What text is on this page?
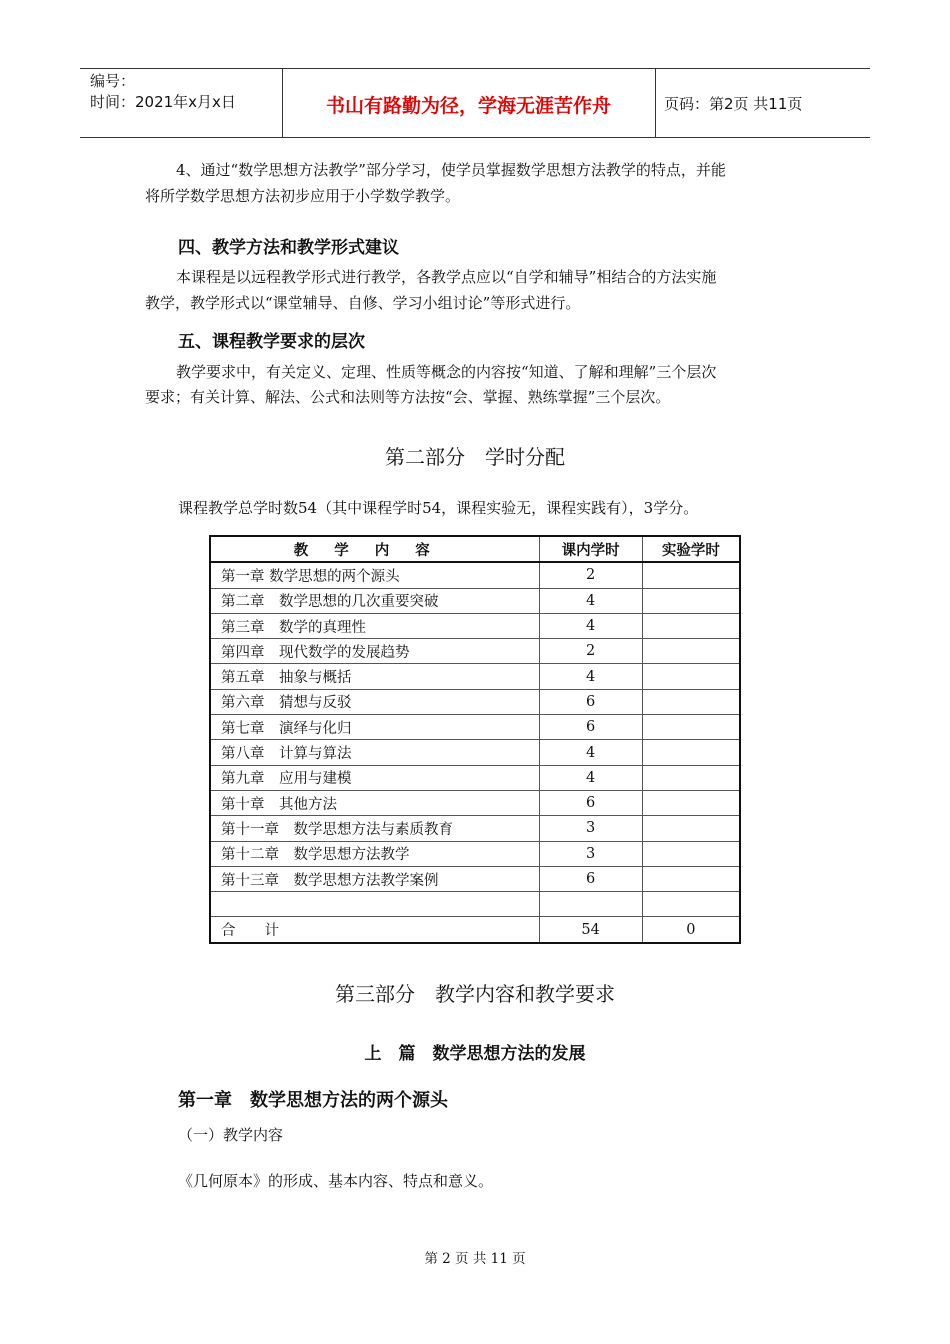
编号：
时间：2021年x月x日	书山有路勤为径，学海无涯苦作舟	页码：第2页 共11页
4、通过“数学思想方法教学”部分学习，使学员掌握数学思想方法教学的特点，并能
将所学数学思想方法初步应用于小学数学教学。
四、教学方法和教学形式建议
本课程是以远程教学形式进行教学，各教学点应以“自学和辅导”相结合的方法实施
教学，教学形式以“课堂辅导、自修、学习小组讨论”等形式进行。
五、课程教学要求的层次
教学要求中，有关定义、定理、性质等概念的内容按“知道、了解和理解”三个层次
要求；有关计算、解法、公式和法则等方法按“会、掌握、熟练掌握”三个层次。
第二部分　学时分配
课程教学总学时数54（其中课程学时54，课程实验无，课程实践有），3学分。
教学内容	课内学时	实验学时
第一章 数学思想的两个源头	2	
第二章　数学思想的几次重要突破	4	
第三章　数学的真理性	4	
第四章　现代数学的发展趋势	2	
第五章　抽象与概括	4	
第六章　猜想与反驳	6	
第七章　演绎与化归	6	
第八章　计算与算法	4	
第九章　应用与建模	4	
第十章　其他方法	6	
第十一章　数学思想方法与素质教育	3	
第十二章　数学思想方法教学	3	
第十三章　数学思想方法教学案例	6	

合　　计	54	0
第三部分　教学内容和教学要求
上　篇　数学思想方法的发展
第一章　数学思想方法的两个源头
（一）教学内容
《几何原本》的形成、基本内容、特点和意义。
第 2 页 共 11 页
